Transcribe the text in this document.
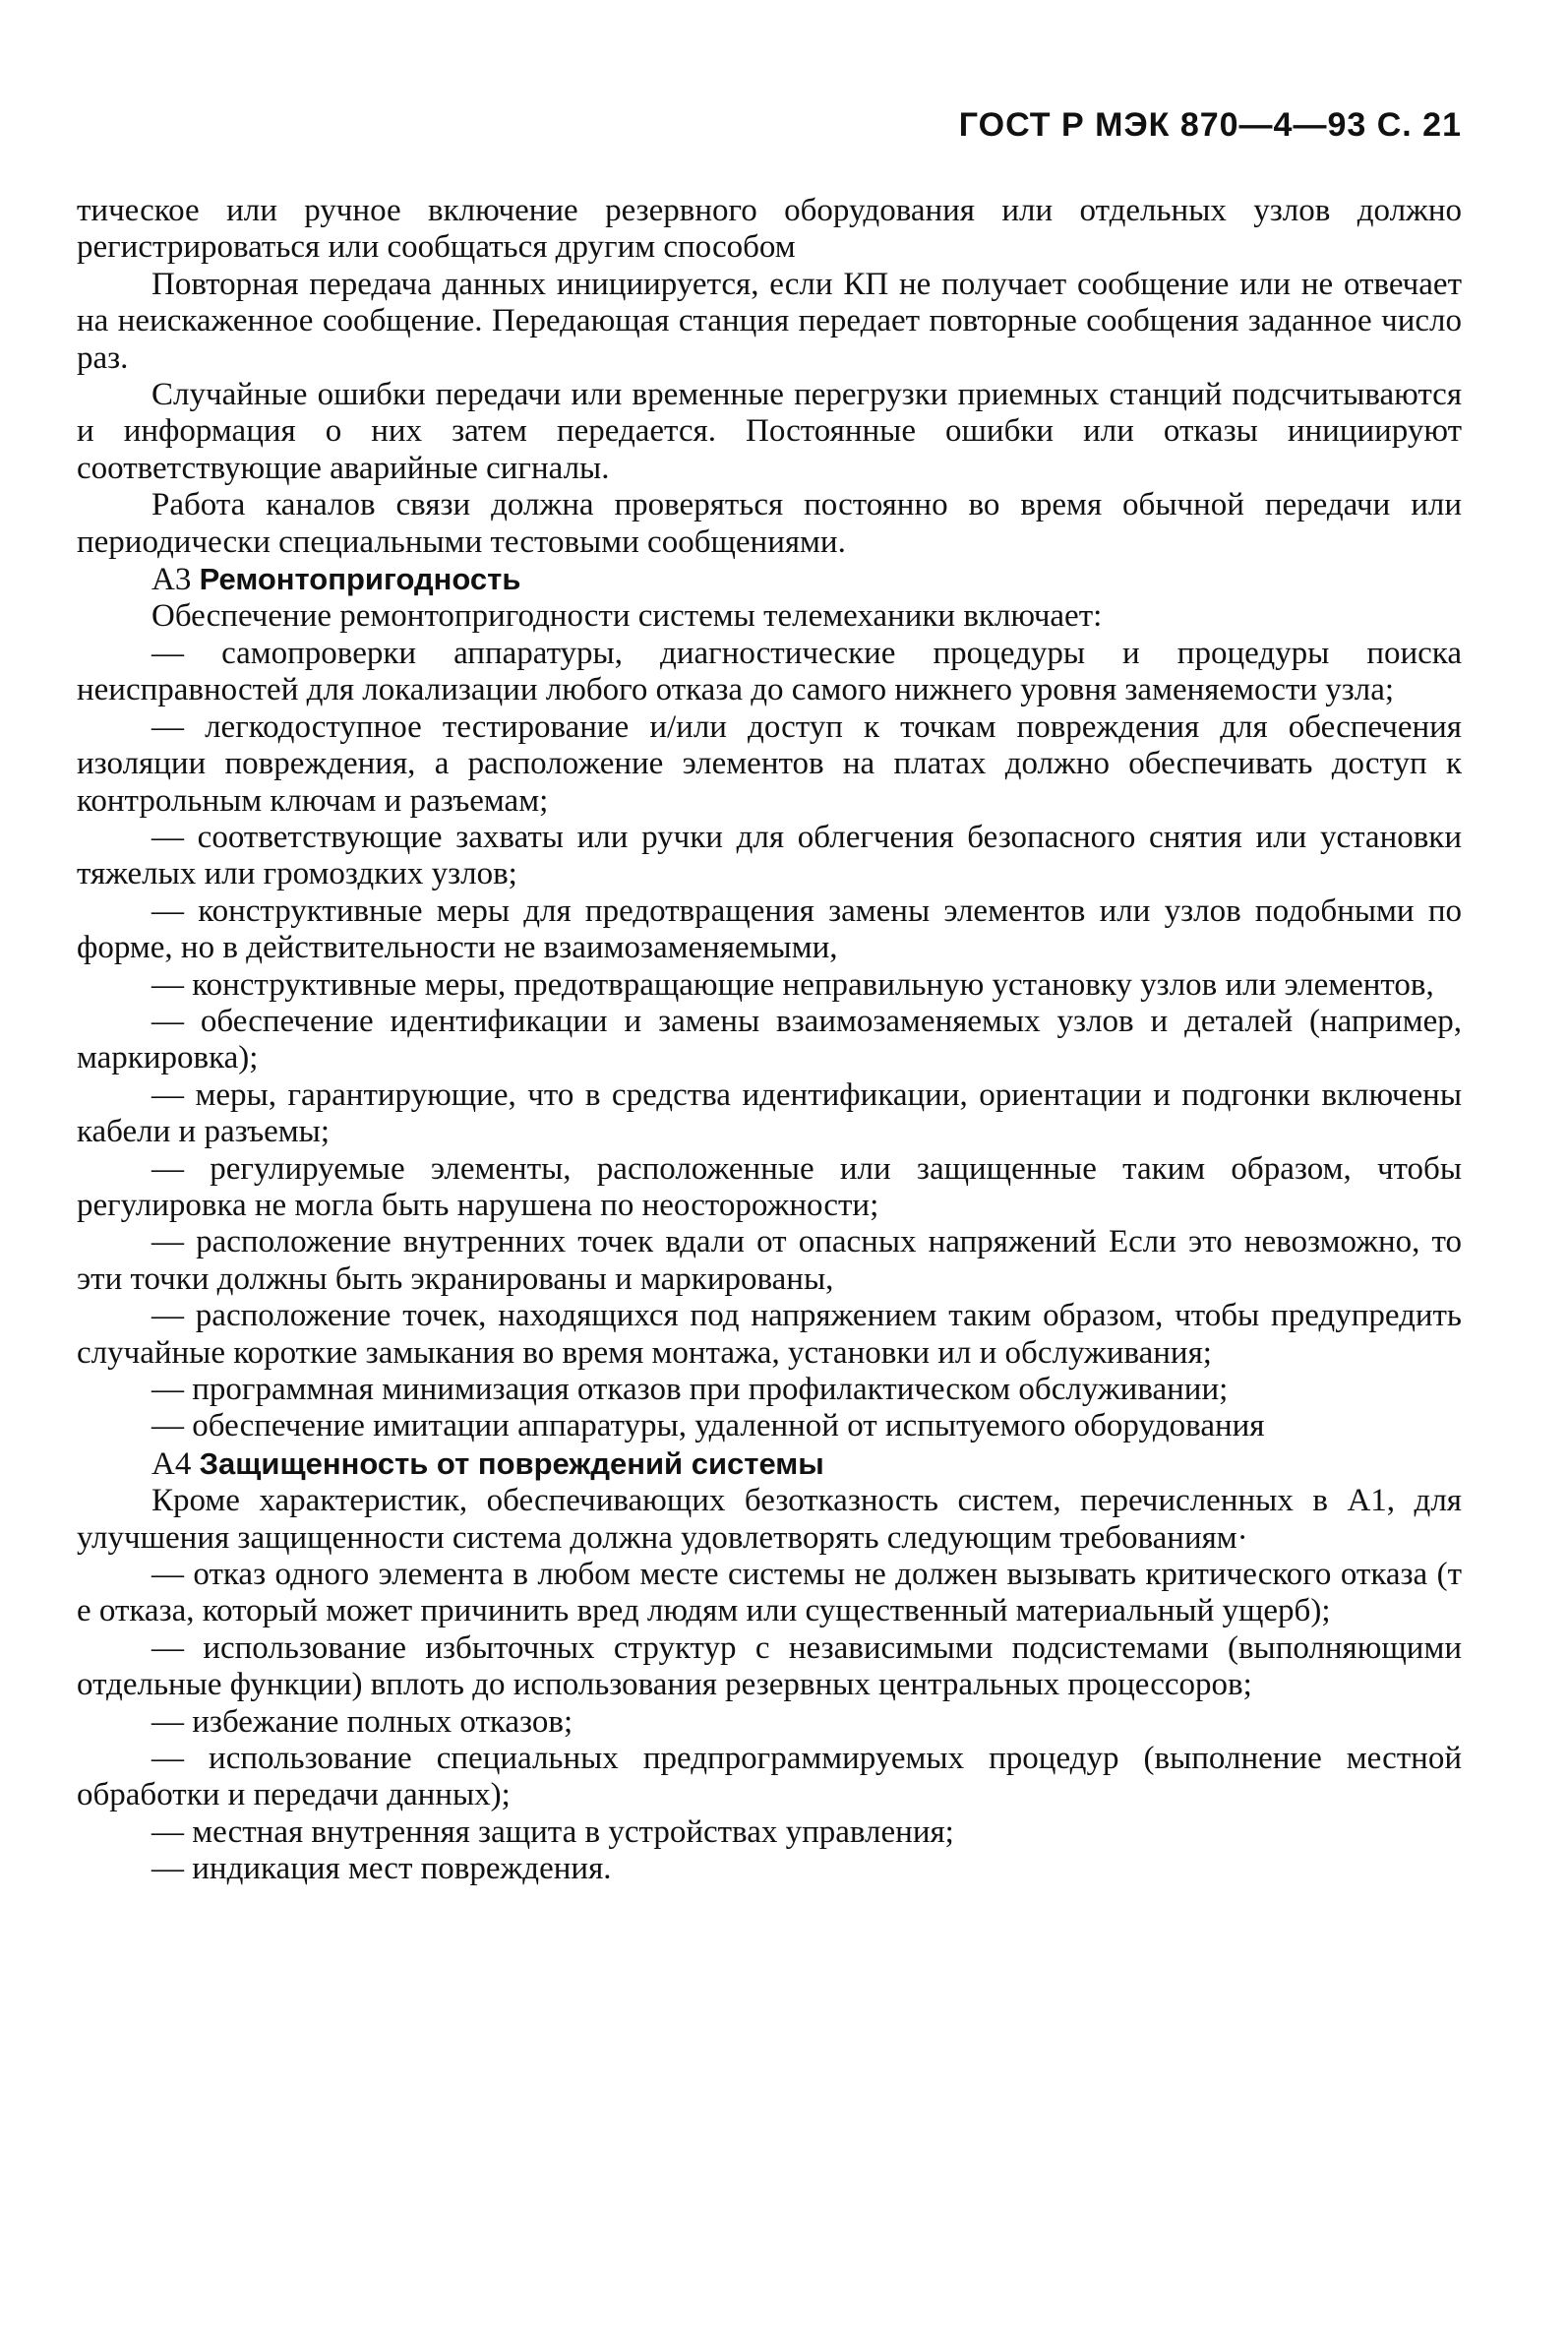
ГОСТ Р МЭК 870—4—93 С. 21

тическое или ручное включение резервного оборудования или отдельных узлов должно регистрироваться или сообщаться другим способом

Повторная передача данных инициируется, если КП не получает сообщение или не отвечает на неискаженное сообщение. Передающая станция передает повторные сообщения заданное число раз.

Случайные ошибки передачи или временные перегрузки приемных станций подсчитываются и информация о них затем передается. Постоянные ошибки или отказы инициируют соответствующие аварийные сигналы.

Работа каналов связи должна проверяться постоянно во время обычной передачи или периодически специальными тестовыми сообщениями.

А3 Ремонтопригодность

Обеспечение ремонтопригодности системы телемеханики включает:

— самопроверки аппаратуры, диагностические процедуры и процедуры поиска неисправностей для локализации любого отказа до самого нижнего уровня заменяемости узла;

— легкодоступное тестирование и/или доступ к точкам повреждения для обеспечения изоляции повреждения, а расположение элементов на платах должно обеспечивать доступ к контрольным ключам и разъемам;

— соответствующие захваты или ручки для облегчения безопасного снятия или установки тяжелых или громоздких узлов;

— конструктивные меры для предотвращения замены элементов или узлов подобными по форме, но в действительности не взаимозаменяемыми,

— конструктивные меры, предотвращающие неправильную установку узлов или элементов,

— обеспечение идентификации и замены взаимозаменяемых узлов и деталей (например, маркировка);

— меры, гарантирующие, что в средства идентификации, ориентации и подгонки включены кабели и разъемы;

— регулируемые элементы, расположенные или защищенные таким образом, чтобы регулировка не могла быть нарушена по неосторожности;

— расположение внутренних точек вдали от опасных напряжений Если это невозможно, то эти точки должны быть экранированы и маркированы,

— расположение точек, находящихся под напряжением таким образом, чтобы предупредить случайные короткие замыкания во время монтажа, установки ил и обслуживания;

— программная минимизация отказов при профилактическом обслуживании;

— обеспечение имитации аппаратуры, удаленной от испытуемого оборудования

А4 Защищенность от повреждений системы

Кроме характеристик, обеспечивающих безотказность систем, перечисленных в А1, для улучшения защищенности система должна удовлетворять следующим требованиям·

— отказ одного элемента в любом месте системы не должен вызывать критического отказа (т е отказа, который может причинить вред людям или существенный материальный ущерб);

— использование избыточных структур с независимыми подсистемами (выполняющими отдельные функции) вплоть до использования резервных центральных процессоров;

— избежание полных отказов;

— использование специальных предпрограммируемых процедур (выполнение местной обработки и передачи данных);

— местная внутренняя защита в устройствах управления;

— индикация мест повреждения.
